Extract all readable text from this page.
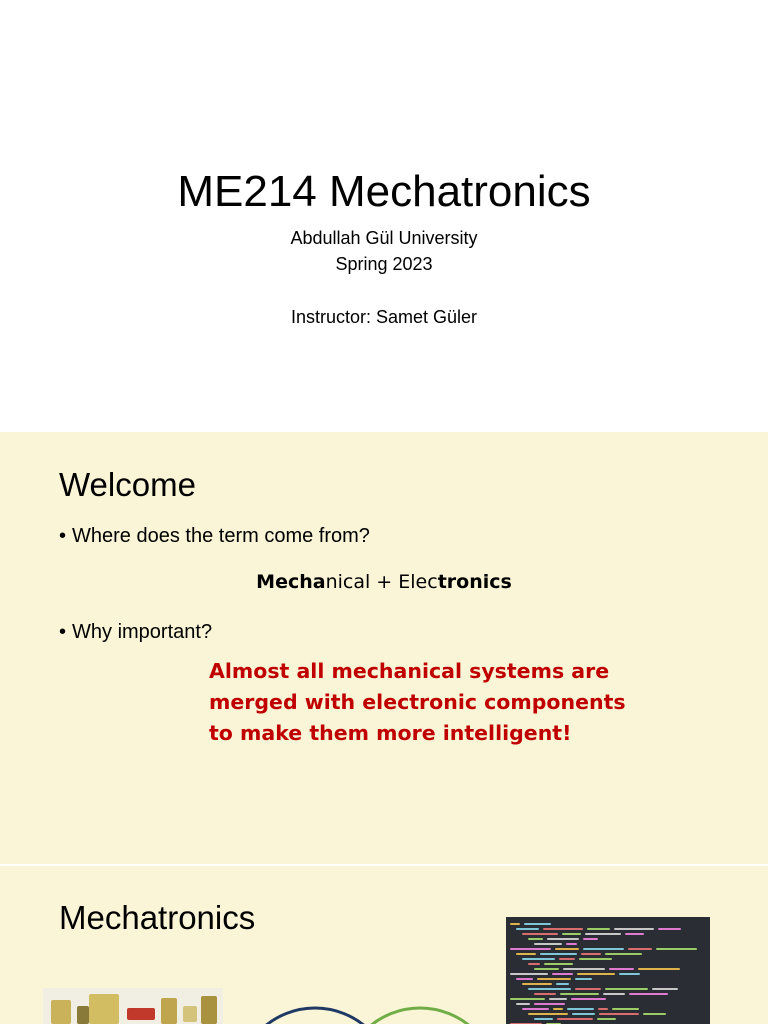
ME214 Mechatronics
Abdullah Gül University
Spring 2023
Instructor: Samet Güler
Welcome
• Where does the term come from?
Mechanical + Electronics
• Why important?
Almost all mechanical systems are merged with electronic components to make them more intelligent!
Mechatronics
